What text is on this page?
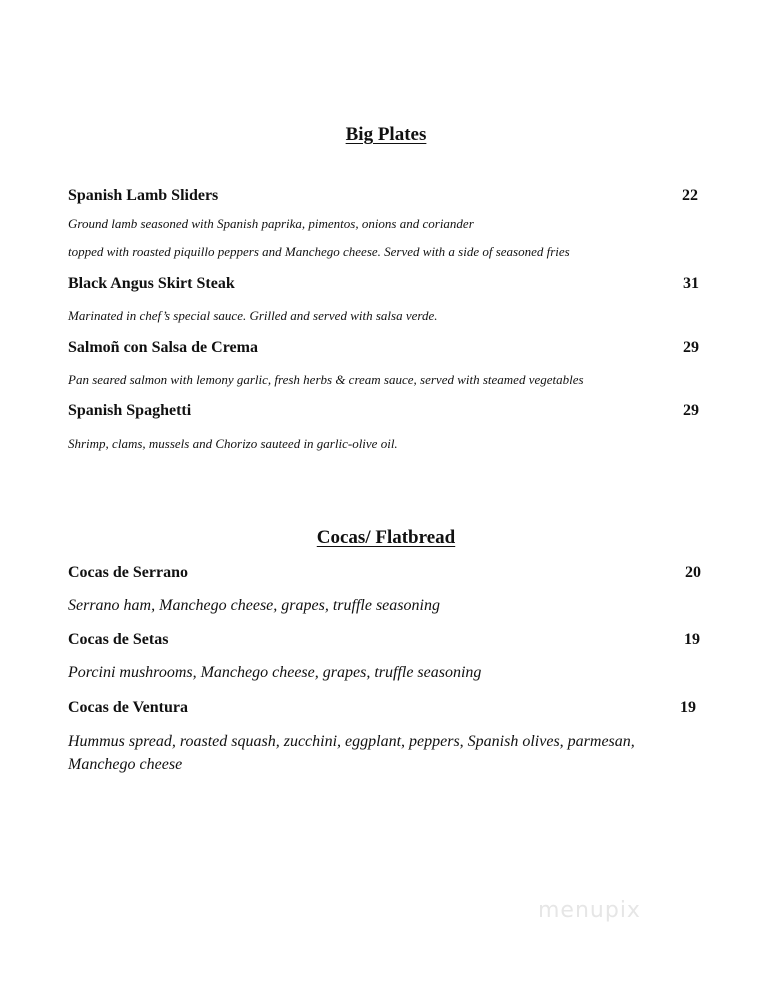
Big Plates
Spanish Lamb Sliders	22
Ground lamb seasoned with Spanish paprika, pimentos, onions and coriander
topped with roasted piquillo peppers and Manchego cheese. Served with a side of seasoned fries
Black Angus Skirt Steak	31
Marinated in chef’s special sauce. Grilled and served with salsa verde.
Salmoñ con Salsa de Crema	29
Pan seared salmon with lemony garlic, fresh herbs & cream sauce, served with steamed vegetables
Spanish Spaghetti	29
Shrimp, clams, mussels and Chorizo sauteed in garlic-olive oil.
Cocas/ Flatbread
Cocas de Serrano	20
Serrano ham, Manchego cheese, grapes, truffle seasoning
Cocas de Setas	19
Porcini mushrooms, Manchego cheese, grapes, truffle seasoning
Cocas de Ventura	19
Hummus spread, roasted squash, zucchini, eggplant, peppers, Spanish olives, parmesan,
Manchego cheese
menupix
